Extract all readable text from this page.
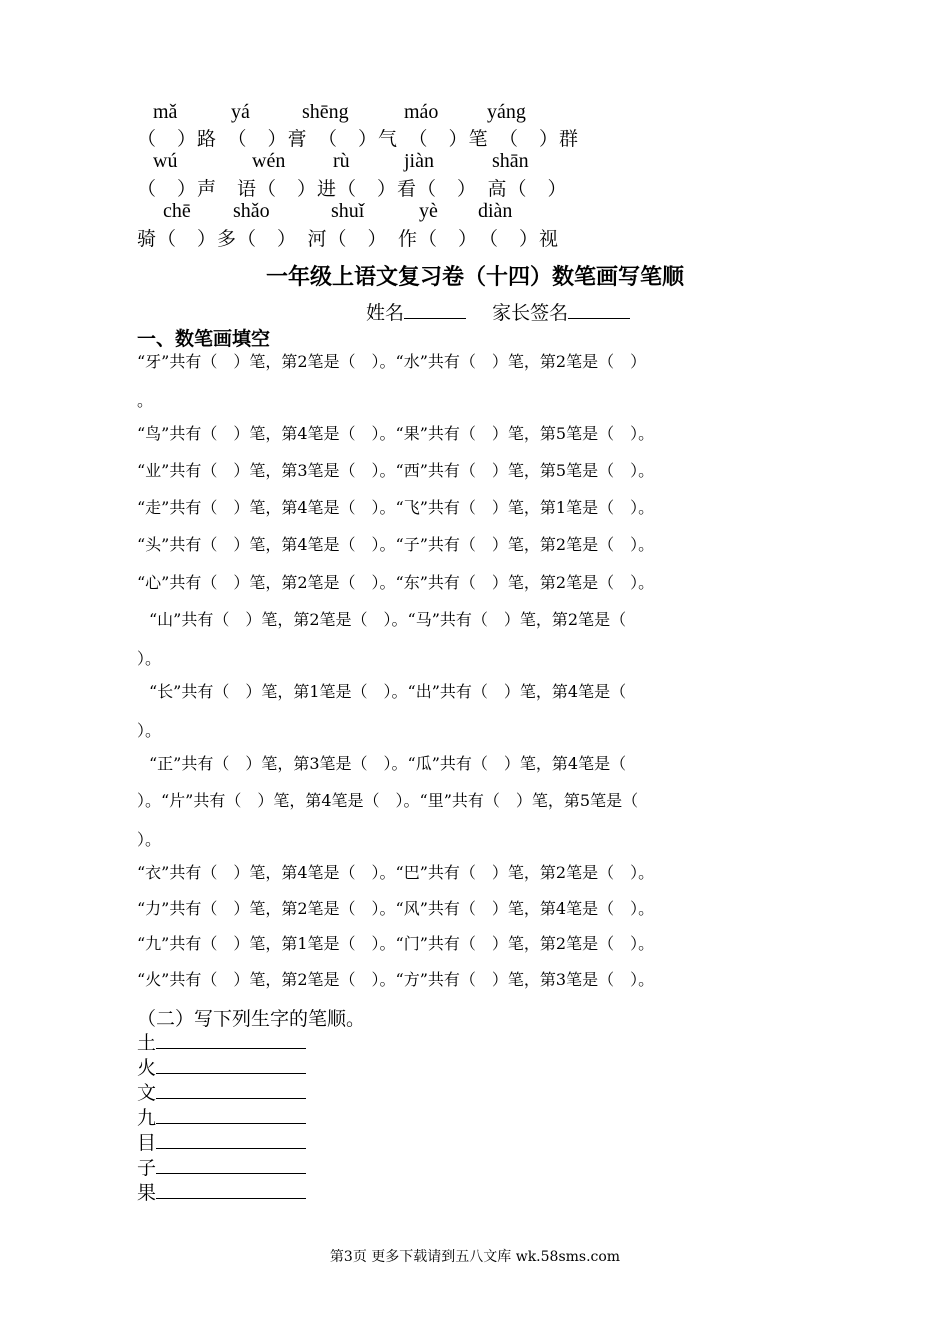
mǎ	yá	shēng	máo yáng
（　）路　（　）膏　（　）气　（　）笔　（　）群
wú	wén rù	jiàn	shān
（　）声　语（　）进（　）看（　）　高（　）
chē shǎo	shuǐ	yè diàn
骑（　）多（　）　河（　）　作（　）　（　）视
一年级上语文复习卷（十四）数笔画写笔顺
姓名	家长签名
一、数笔画填空
“牙”共有（　）笔，第2笔是（　）。“水”共有（　）笔，第2笔是（　）
。
“鸟”共有（　）笔，第4笔是（　）。“果”共有（　）笔，第5笔是（　）。
“业”共有（　）笔，第3笔是（　）。“西”共有（　）笔，第5笔是（　）。
“走”共有（　）笔，第4笔是（　）。“飞”共有（　）笔，第1笔是（　）。
“头”共有（　）笔，第4笔是（　）。“子”共有（　）笔，第2笔是（　）。
“心”共有（　）笔，第2笔是（　）。“东”共有（　）笔，第2笔是（　）。
“山”共有（　）笔，第2笔是（　）。“马”共有（　）笔，第2笔是（
）。
“长”共有（　）笔，第1笔是（　）。“出”共有（　）笔，第4笔是（
）。
“正”共有（　）笔，第3笔是（　）。“瓜”共有（　）笔，第4笔是（
）。“片”共有（　）笔，第4笔是（　）。“里”共有（　）笔，第5笔是（
）。
“衣”共有（　）笔，第4笔是（　）。“巴”共有（　）笔，第2笔是（　）。
“力”共有（　）笔，第2笔是（　）。“风”共有（　）笔，第4笔是（　）。
“九”共有（　）笔，第1笔是（　）。“门”共有（　）笔，第2笔是（　）。
“火”共有（　）笔，第2笔是（　）。“方”共有（　）笔，第3笔是（　）。
（二）写下列生字的笔顺。
土
火
文
九
目
子
果
第3页 更多下载请到五八文库 wk.58sms.com
